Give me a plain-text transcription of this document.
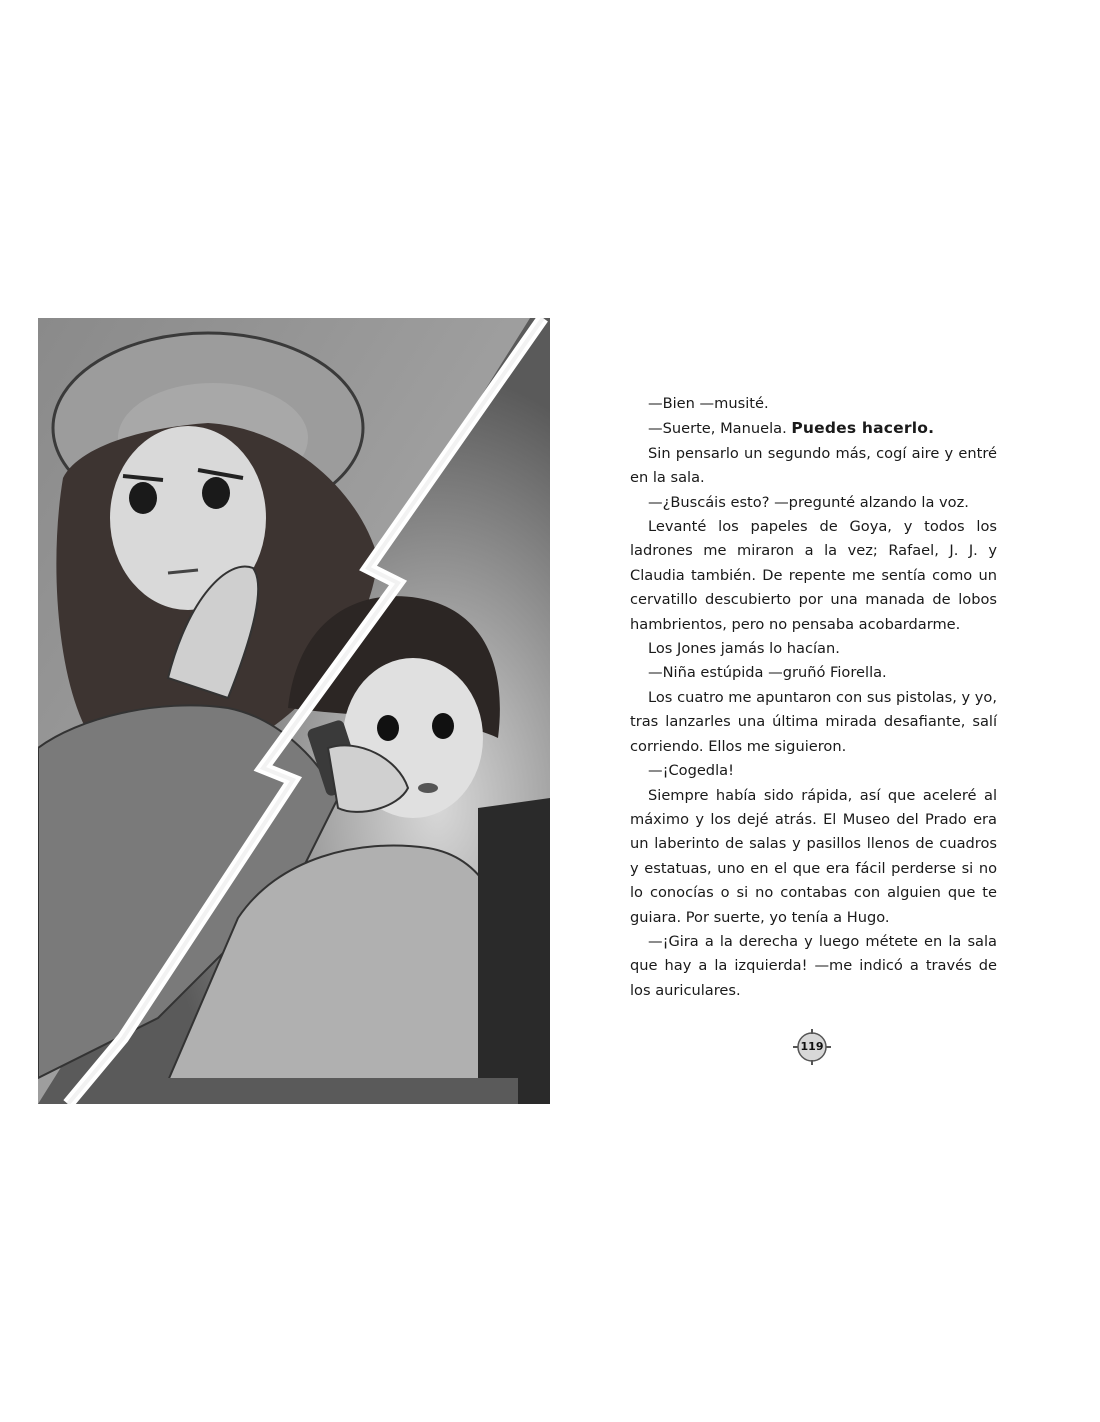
—Bien —musité.

—Suerte, Manuela. Puedes hacerlo.

Sin pensarlo un segundo más, cogí aire y entré en la sala.

—¿Buscáis esto? —pregunté alzando la voz.

Levanté los papeles de Goya, y todos los ladrones me miraron a la vez; Rafael, J. J. y Claudia también. De repente me sentía como un cervatillo descubierto por una manada de lobos hambrientos, pero no pensaba acobardarme.

Los Jones jamás lo hacían.

—Niña estúpida —gruñó Fiorella.

Los cuatro me apuntaron con sus pistolas, y yo, tras lanzarles una última mirada desafiante, salí corriendo. Ellos me siguieron.

—¡Cogedla!

Siempre había sido rápida, así que aceleré al máximo y los dejé atrás. El Museo del Prado era un laberinto de salas y pasillos llenos de cuadros y estatuas, uno en el que era fácil perderse si no lo conocías o si no contabas con alguien que te guiara. Por suerte, yo tenía a Hugo.

—¡Gira a la derecha y luego métete en la sala que hay a la izquierda! —me indicó a través de los auriculares.

119
